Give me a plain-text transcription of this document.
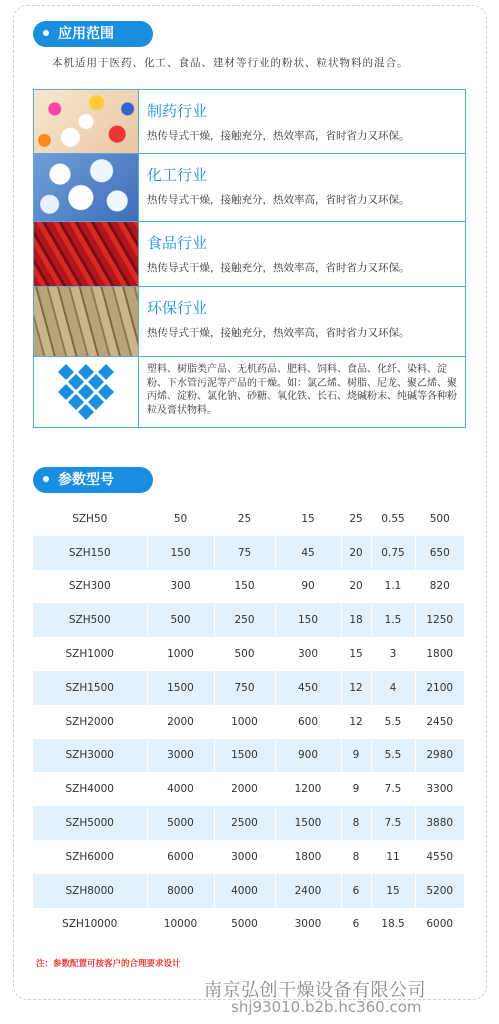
应用范围
本机适用于医药、化工、食品、建材等行业的粉状、粒状物料的混合。
制药行业
热传导式干燥，接触充分，热效率高，省时省力又环保。
化工行业
热传导式干燥，接触充分，热效率高，省时省力又环保。
食品行业
热传导式干燥，接触充分，热效率高，省时省力又环保。
环保行业
热传导式干燥，接触充分，热效率高，省时省力又环保。
塑料、树脂类产品、无机药品、肥料、饲料、食品、化纤、染料、淀粉、下水管污泥等产品的干燥。如：氯乙烯、树脂、尼龙、聚乙烯、聚丙烯、淀粉、氯化钠、砂糖、氧化铁、长石、烧碱粉末、纯碱等各种粉粒及膏状物料。
参数型号
SZH50	50	25	15	25	0.55	500
SZH150	150	75	45	20	0.75	650
SZH300	300	150	90	20	1.1	820
SZH500	500	250	150	18	1.5	1250
SZH1000	1000	500	300	15	3	1800
SZH1500	1500	750	450	12	4	2100
SZH2000	2000	1000	600	12	5.5	2450
SZH3000	3000	1500	900	9	5.5	2980
SZH4000	4000	2000	1200	9	7.5	3300
SZH5000	5000	2500	1500	8	7.5	3880
SZH6000	6000	3000	1800	8	11	4550
SZH8000	8000	4000	2400	6	15	5200
SZH10000	10000	5000	3000	6	18.5	6000
注：参数配置可按客户的合理要求设计
南京弘创干燥设备有限公司
shj93010.b2b.hc360.com
